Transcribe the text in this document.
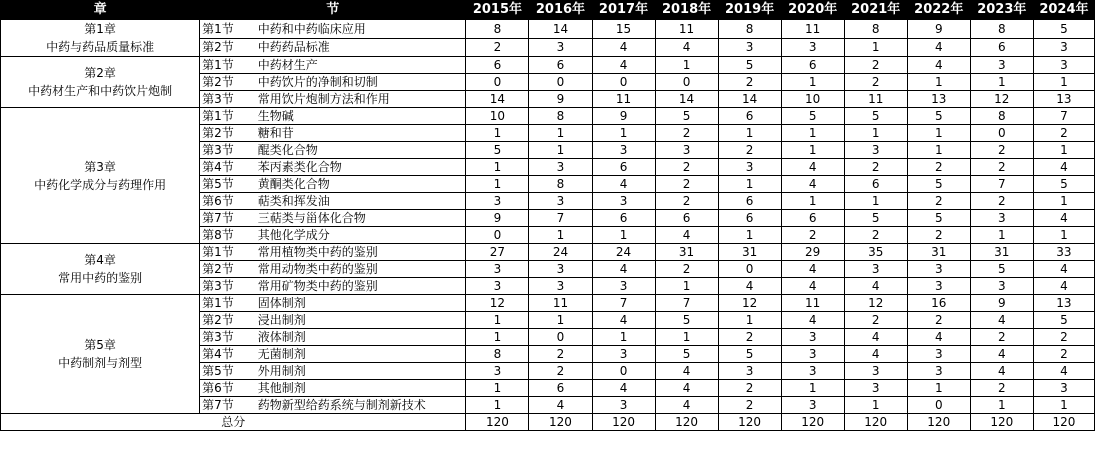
章	节		2015年	2016年	2017年	2018年	2019年	2020年	2021年	2022年	2023年	2024年

第1章
中药与药品质量标准	第1节	中药和中药临床应用	8	14	15	11	8	11	8	9	8	5
	第2节	中药药品标准	2	3	4	4	3	3	1	4	6	3

第2章
中药材生产和中药饮片炮制	第1节	中药材生产	6	6	4	1	5	6	2	4	3	3
	第2节	中药饮片的净制和切制	0	0	0	0	2	1	2	1	1	1
	第3节	常用饮片炮制方法和作用	14	9	11	14	14	10	11	13	12	13

第3章
中药化学成分与药理作用	第1节	生物碱	10	8	9	5	6	5	5	5	8	7
	第2节	糖和苷	1	1	1	2	1	1	1	1	0	2
	第3节	醌类化合物	5	1	3	3	2	1	3	1	2	1
	第4节	苯丙素类化合物	1	3	6	2	3	4	2	2	2	4
	第5节	黄酮类化合物	1	8	4	2	1	4	6	5	7	5
	第6节	萜类和挥发油	3	3	3	2	6	1	1	2	2	1
	第7节	三萜类与甾体化合物	9	7	6	6	6	6	5	5	3	4
	第8节	其他化学成分	0	1	1	4	1	2	2	2	1	1

第4章
常用中药的鉴别	第1节	常用植物类中药的鉴别	27	24	24	31	31	29	35	31	31	33
	第2节	常用动物类中药的鉴别	3	3	4	2	0	4	3	3	5	4
	第3节	常用矿物类中药的鉴别	3	3	3	1	4	4	4	3	3	4

第5章
中药制剂与剂型	第1节	固体制剂	12	11	7	7	12	11	12	16	9	13
	第2节	浸出制剂	1	1	4	5	1	4	2	2	4	5
	第3节	液体制剂	1	0	1	1	2	3	4	4	2	2
	第4节	无菌制剂	8	2	3	5	5	3	4	3	4	2
	第5节	外用制剂	3	2	0	4	3	3	3	3	4	4
	第6节	其他制剂	1	6	4	4	2	1	3	1	2	3
	第7节	药物新型给药系统与制剂新技术	1	4	3	4	2	3	1	0	1	1
总分			120	120	120	120	120	120	120	120	120	120
